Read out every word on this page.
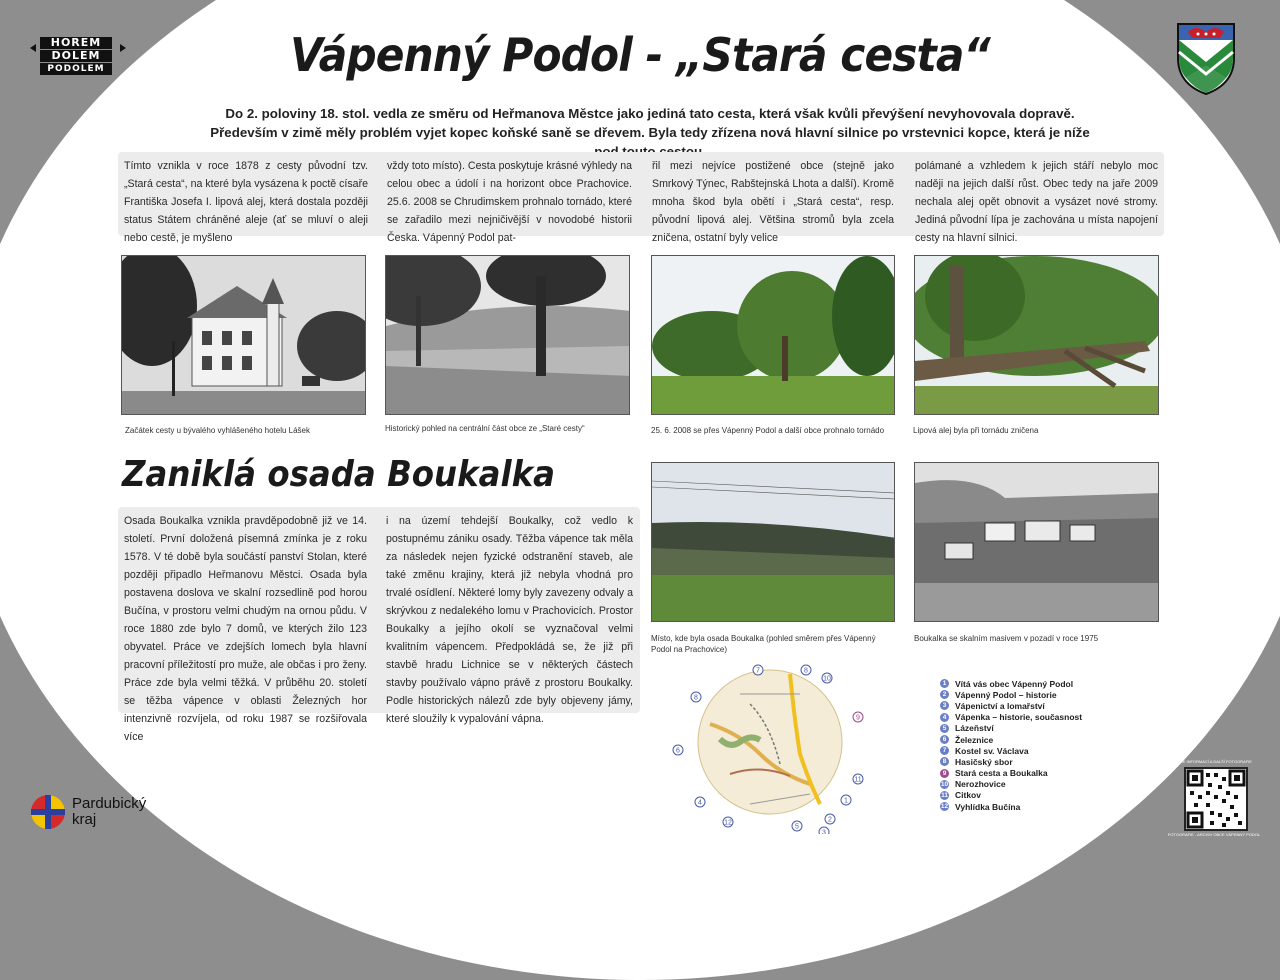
HOREM
DOLEM
PODOLEM	Vápenný Podol - „Stará cesta“
Do 2. poloviny 18. stol. vedla ze směru od Heřmanova Městce jako jediná tato cesta, která však kvůli převýšení nevyhovovala dopravě. Především v zimě měly problém vyjet kopec koňské saně se dřevem. Byla tedy zřízena nová hlavní silnice po vrstevnici kopce, která je níže
Tímto vznikla v roce 1878 z cesty původní tzv. „Stará cesta“, na které byla vysázena k poctě císaře Františka Josefa I. lipová alej, která dostala později status Státem chráněné aleje (ať se mluví o aleji nebo cestě, je myšleno
vždy toto místo). Cesta poskytuje krásné výhledy na celou obec a údolí i na horizont obce Prachovice. 25.6. 2008 se Chrudimskem prohnalo tornádo, které se zařadilo mezi nejničivější v novodobé historii Česka. Vápenný Podol pat-
řil mezi nejvíce postižené obce (stejně jako Smrkový Týnec, Rabštejnská Lhota a další). Kromě mnoha škod byla obětí i „Stará cesta“, resp. původní lipová alej. Většina stromů byla zcela zničena, ostatní byly velice
polámané a vzhledem k jejich stáří nebylo moc naději na jejich další růst. Obec tedy na jaře 2009 nechala alej opět obnovit a vysázet nové stromy. Jediná původní lípa je zachována u místa napojení cesty na hlavní silnici.
Začátek cesty u bývalého vyhlášeného hotelu Lášek	Historický pohled na centrální část obce ze „Staré cesty“	25. 6. 2008 se přes Vápenný Podol a další obce prohnalo tornádo	Lipová alej byla při tornádu zničena
Zaniklá osada Boukalka
Osada Boukalka vznikla pravděpodobně již ve 14. století. První doložená písemná zmínka je z roku 1578. V té době byla součástí panství Stolan, které později připadlo Heřmanovu Městci. Osada byla postavena doslova ve skalní rozsedlině pod horou Bučína, v prostoru velmi chudým na ornou půdu. V roce 1880 zde bylo 7 domů, ve kterých žilo 123 obyvatel. Práce ve zdejších lomech byla hlavní pracovní příležitostí pro muže, ale občas i pro ženy. Práce zde byla velmi těžká. V průběhu 20. století se těžba vápence v oblasti Železných hor intenzivně rozvíjela, od roku 1987 se rozšiřovala více
i na území tehdejší Boukalky, což vedlo k postupnému zániku osady. Těžba vápence tak měla za následek nejen fyzické odstranění staveb, ale také změnu krajiny, která již nebyla vhodná pro trvalé osídlení. Některé lomy byly zavezeny odvaly a skrývkou z nedalekého lomu v Prachovicích. Prostor Boukalky a jejího okolí se vyznačoval velmi kvalitním vápencem. Předpokládá se, že již při stavbě hradu Lichnice se v některých částech stavby používalo vápno právě z prostoru Boukalky. Podle historických nálezů zde byly objeveny jámy, které sloužily k vypalování vápna.
Místo, kde byla osada Boukalka (pohled směrem přes Vápenný Podol na Prachovice)
Boukalka se skalním masivem v pozadí v roce 1975
1
2
3
4
5
6
7	8
9
10
11
12
8
1	Vítá vás obec Vápenný Podol
2	Vápenný Podol – historie
3	Vápenictví a lomařství
4	Vápenka – historie, současnost
5	Lázeňství
6	Železnice
7	Kostel sv. Václava
8	Hasičský sbor
9	Stará cesta a Boukalka
10 Nerozhovice
11 Citkov
12 Vyhlídka Bučína
Pardubický
kraj
VÍCE INFORMACÍ A DALŠÍ FOTOGRAFIE
FOTOGRAFIE - ARCHIV OBCE VÁPENNÝ PODOL
